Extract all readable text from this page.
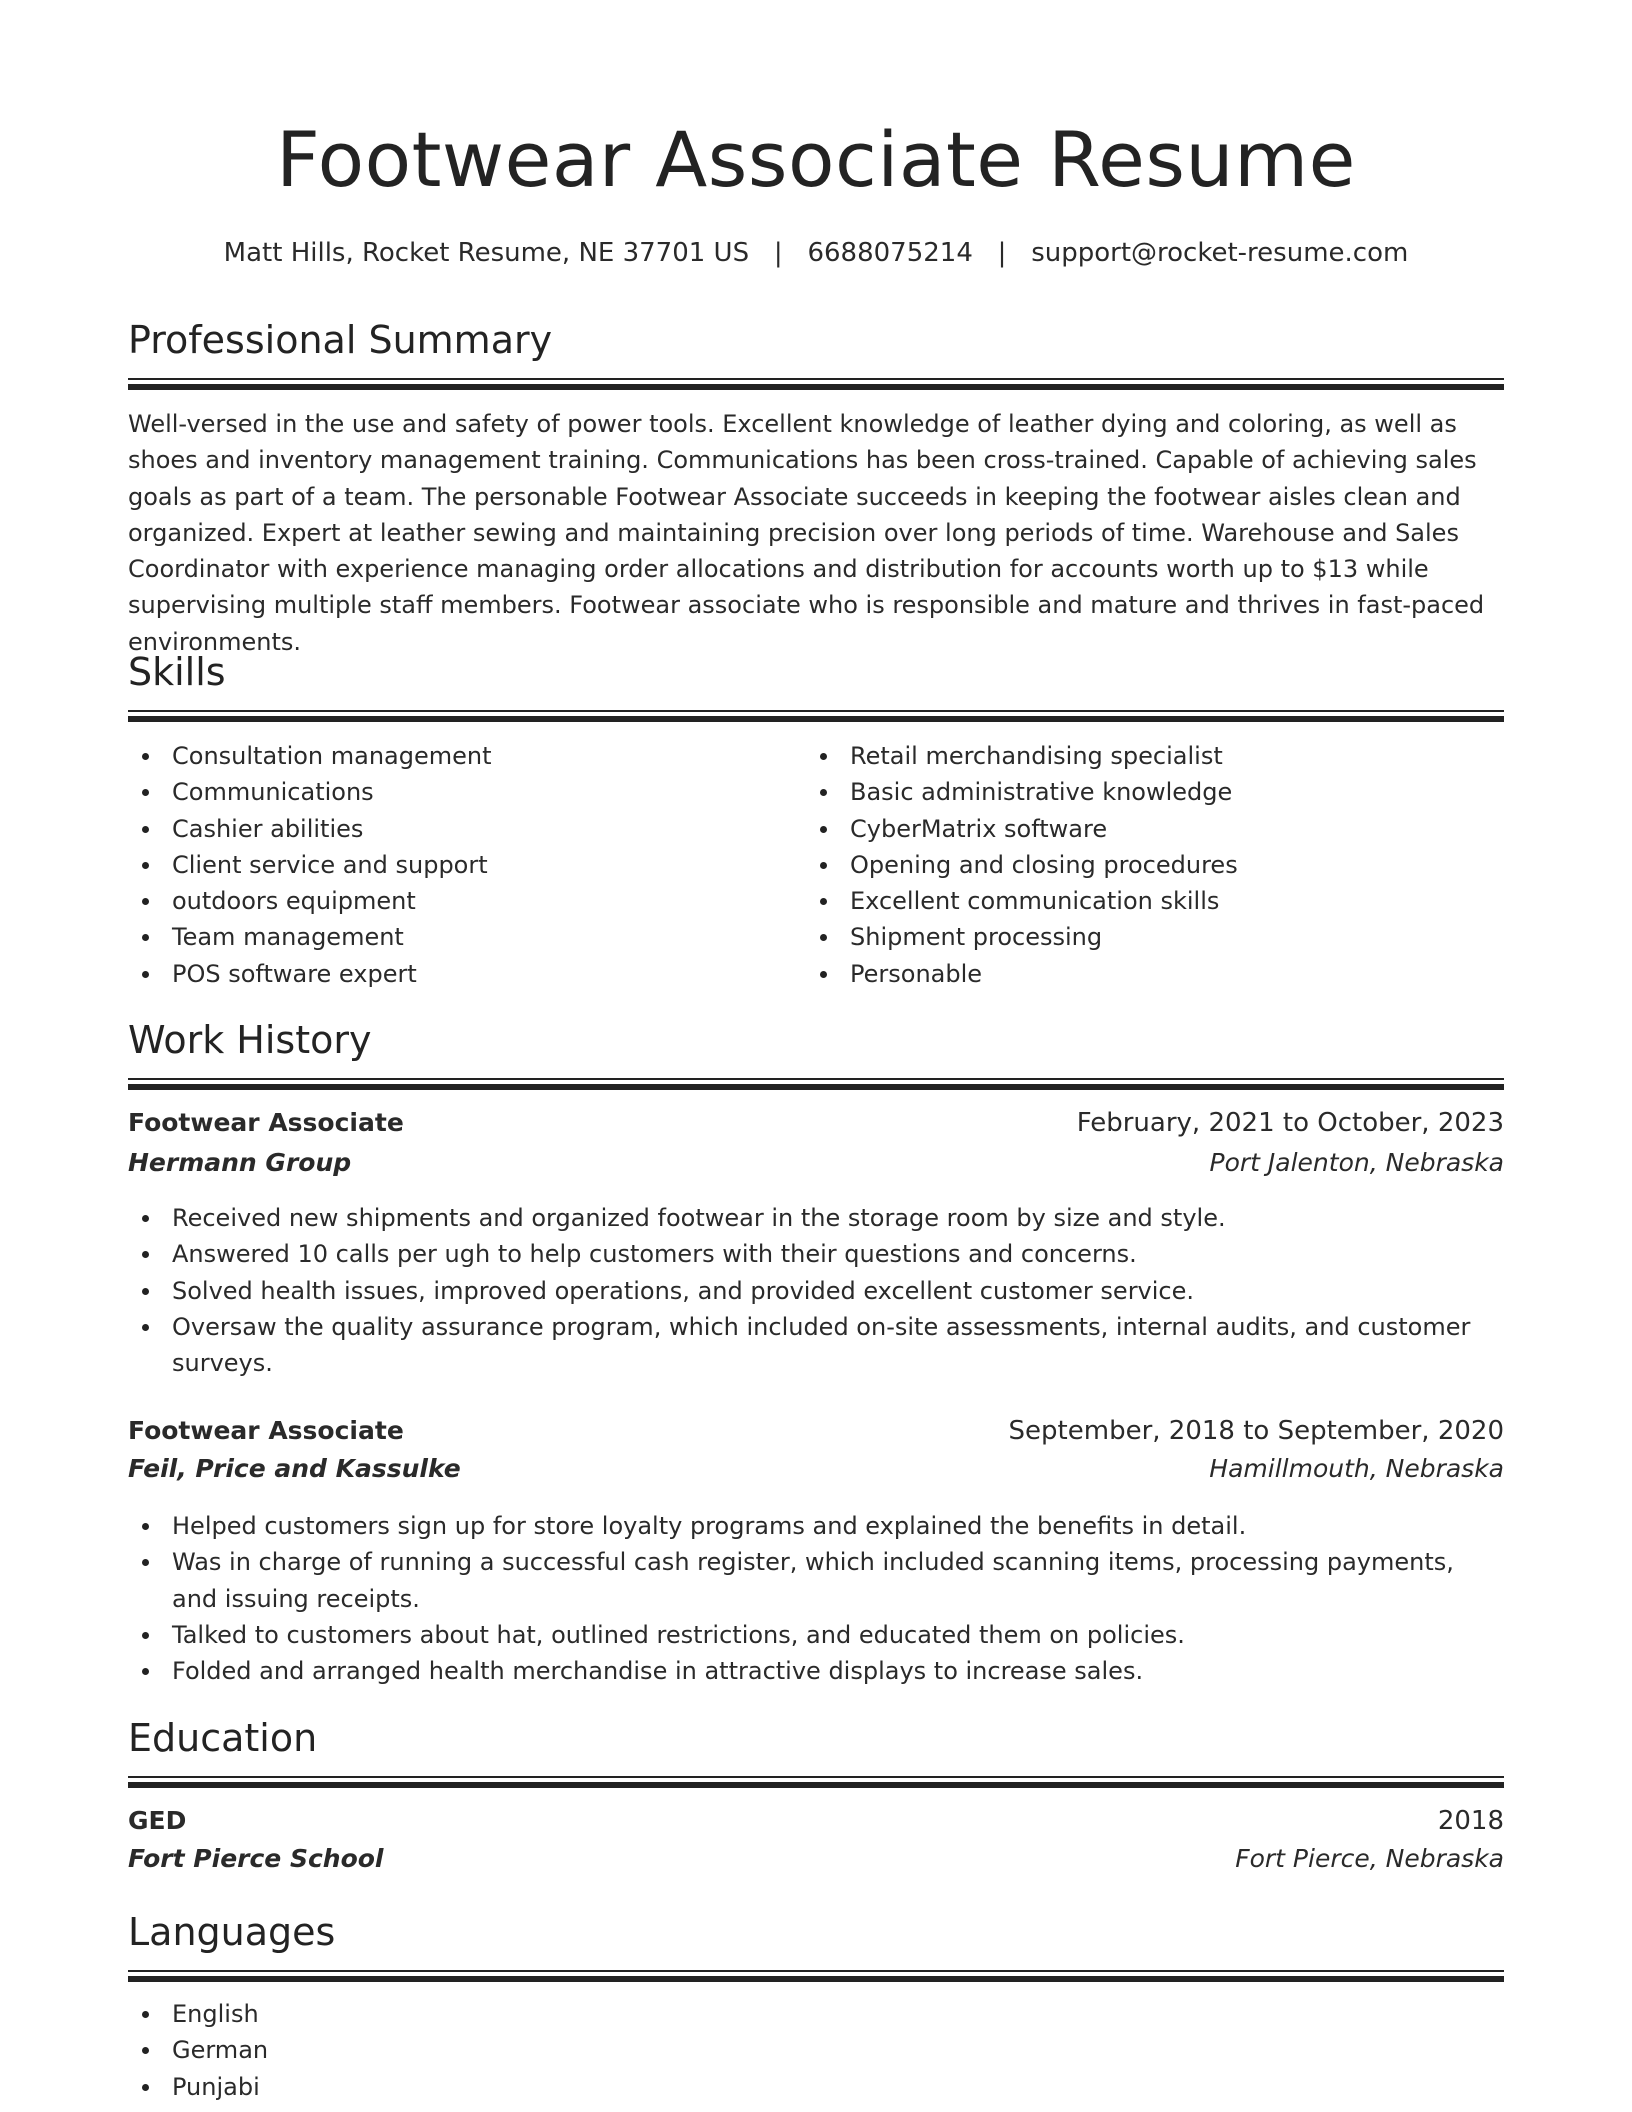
Footwear Associate Resume
Matt Hills, Rocket Resume, NE 37701 US   |   6688075214   |   support@rocket-resume.com
Professional Summary

Well-versed in the use and safety of power tools. Excellent knowledge of leather dying and coloring, as well as shoes and inventory management training. Communications has been cross-trained. Capable of achieving sales goals as part of a team. The personable Footwear Associate succeeds in keeping the footwear aisles clean and organized. Expert at leather sewing and maintaining precision over long periods of time. Warehouse and Sales Coordinator with experience managing order allocations and distribution for accounts worth up to $13 while supervising multiple staff members. Footwear associate who is responsible and mature and thrives in fast-paced environments.

Skills
Consultation management
Communications
Cashier abilities
Client service and support
outdoors equipment
Team management
POS software expert
Retail merchandising specialist
Basic administrative knowledge
CyberMatrix software
Opening and closing procedures
Excellent communication skills
Shipment processing
Personable
Work History
Footwear Associate	February, 2021 to October, 2023
Hermann Group	Port Jalenton, Nebraska
Received new shipments and organized footwear in the storage room by size and style.
Answered 10 calls per ugh to help customers with their questions and concerns.
Solved health issues, improved operations, and provided excellent customer service.
Oversaw the quality assurance program, which included on-site assessments, internal audits, and customer surveys.
Footwear Associate	September, 2018 to September, 2020
Feil, Price and Kassulke	Hamillmouth, Nebraska
Helped customers sign up for store loyalty programs and explained the benefits in detail.
Was in charge of running a successful cash register, which included scanning items, processing payments, and issuing receipts.
Talked to customers about hat, outlined restrictions, and educated them on policies.
Folded and arranged health merchandise in attractive displays to increase sales.
Education
GED	2018
Fort Pierce School	Fort Pierce, Nebraska
Languages
English
German
Punjabi
